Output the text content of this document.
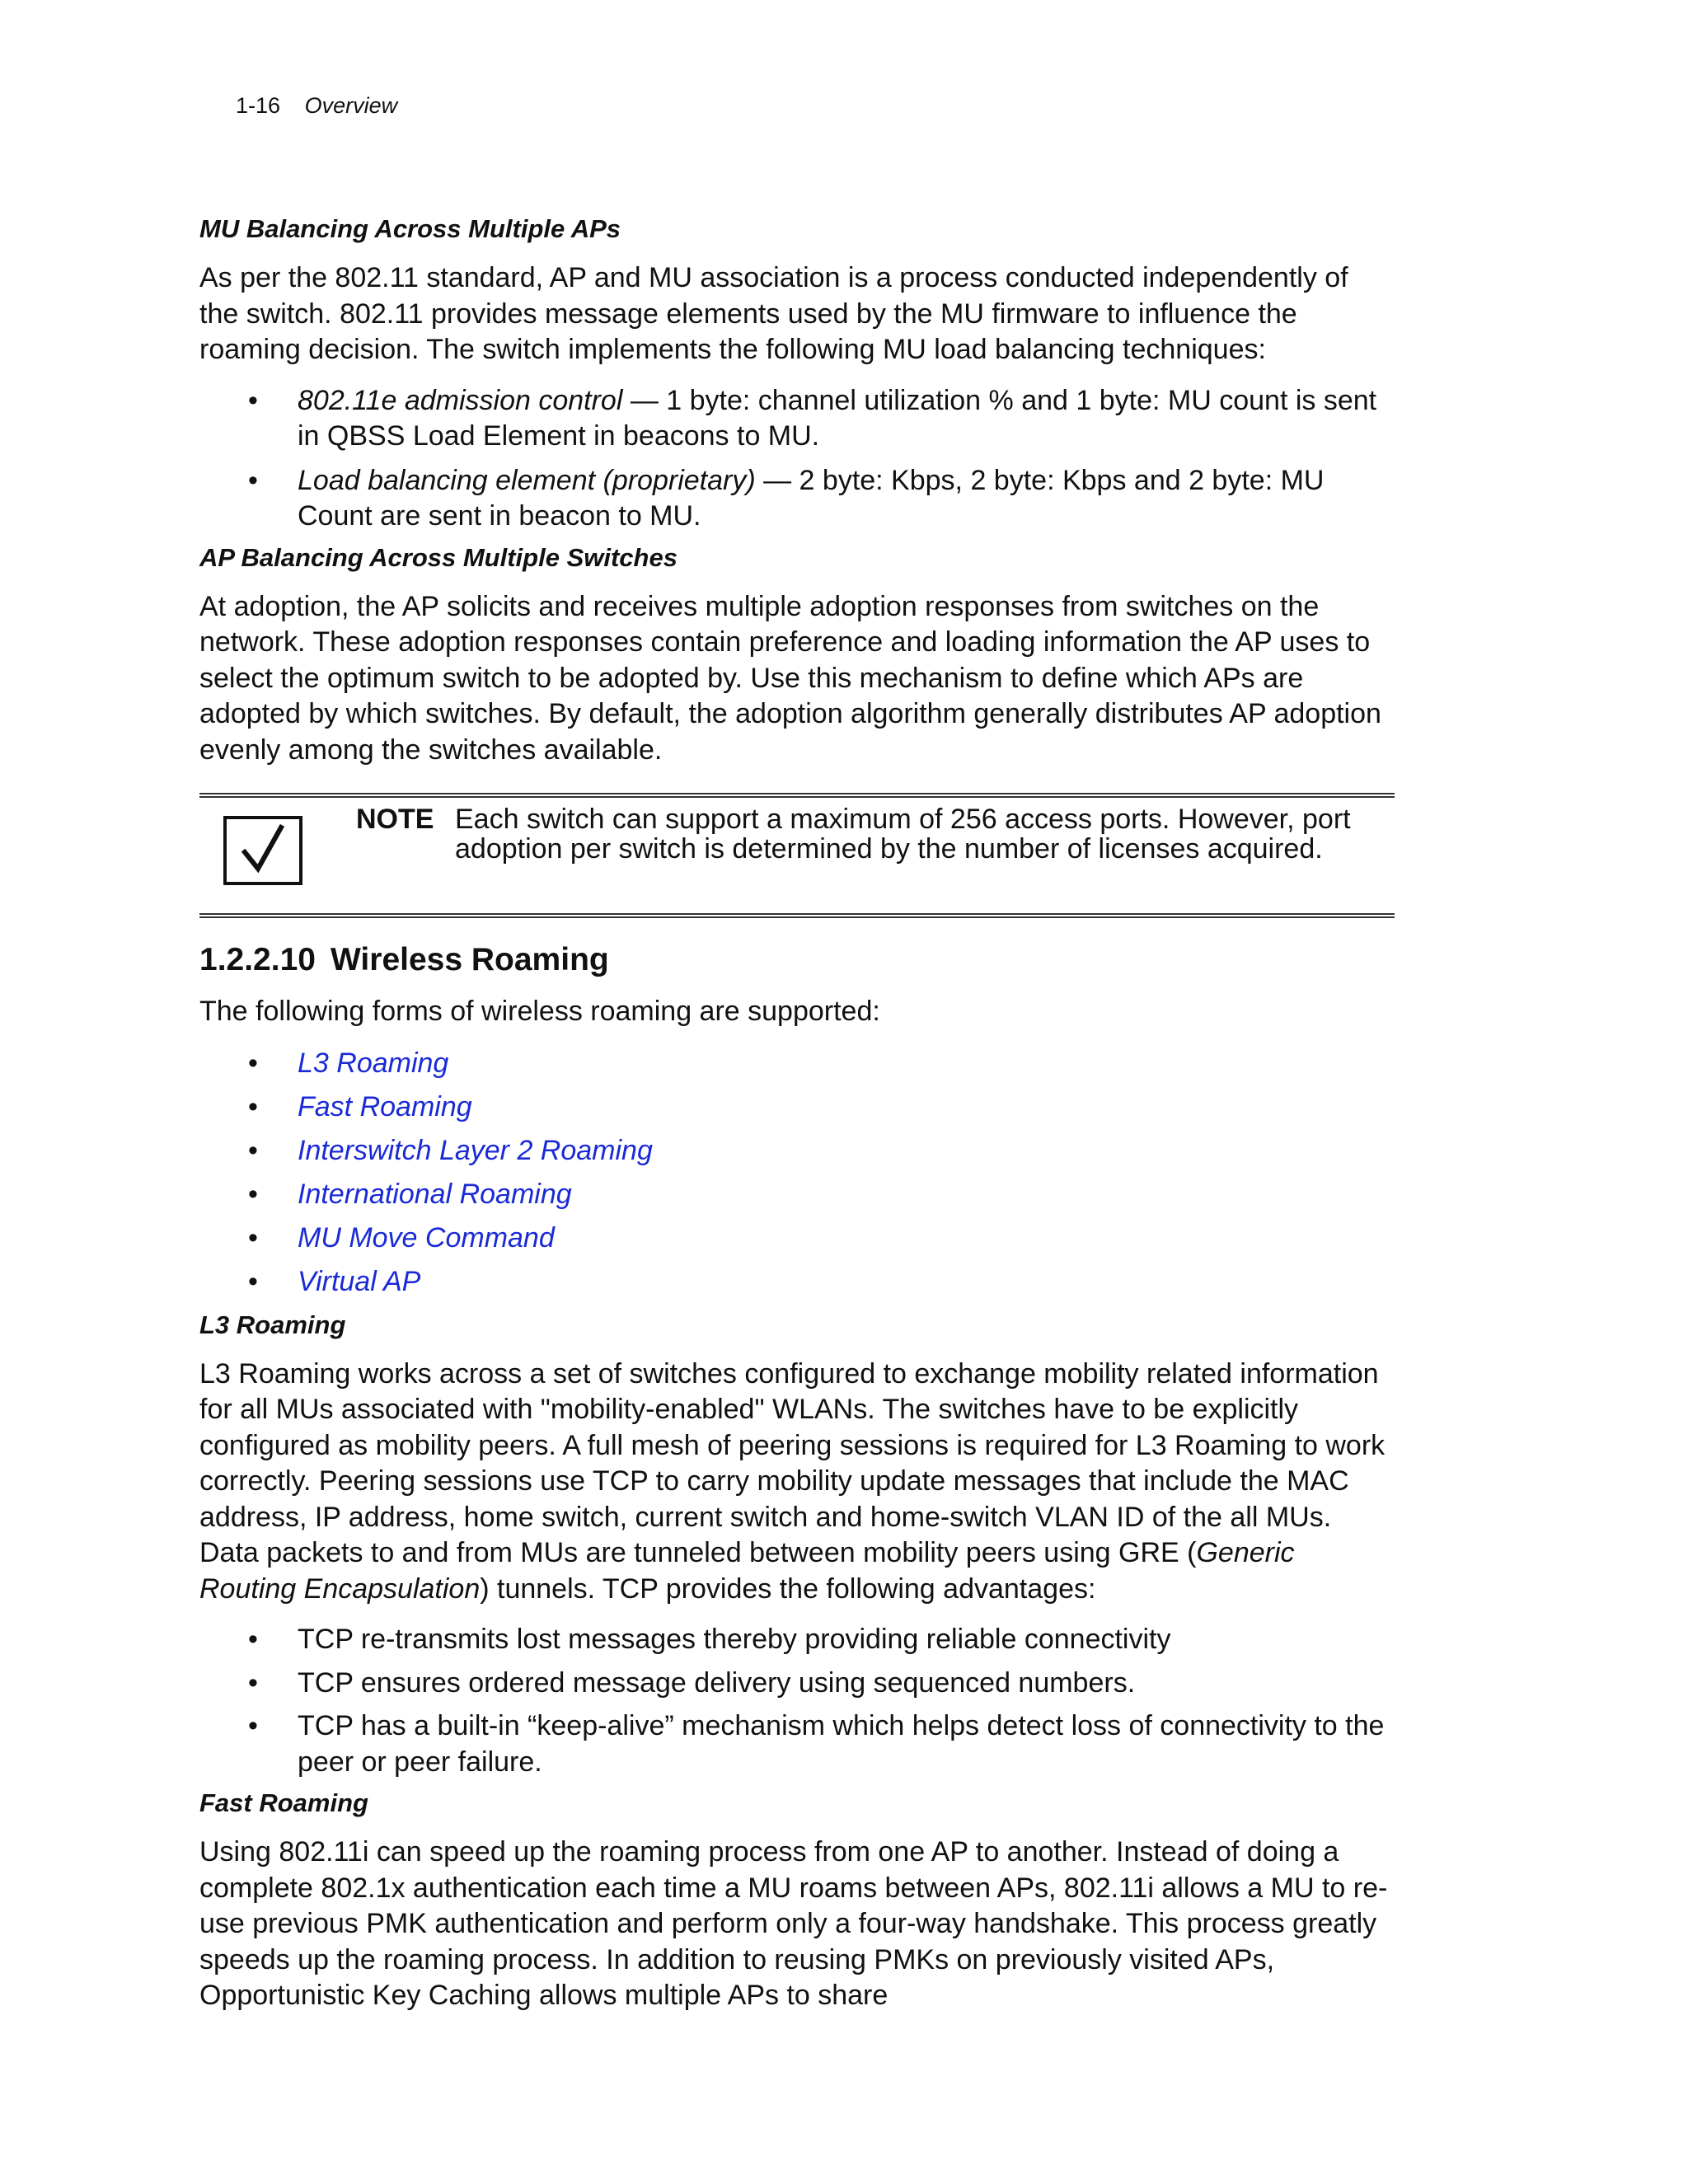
1-16 Overview

MU Balancing Across Multiple APs

As per the 802.11 standard, AP and MU association is a process conducted independently of the switch. 802.11 provides message elements used by the MU firmware to influence the roaming decision. The switch implements the following MU load balancing techniques:

• 802.11e admission control — 1 byte: channel utilization % and 1 byte: MU count is sent in QBSS Load Element in beacons to MU.
• Load balancing element (proprietary) — 2 byte: Kbps, 2 byte: Kbps and 2 byte: MU Count are sent in beacon to MU.

AP Balancing Across Multiple Switches

At adoption, the AP solicits and receives multiple adoption responses from switches on the network. These adoption responses contain preference and loading information the AP uses to select the optimum switch to be adopted by. Use this mechanism to define which APs are adopted by which switches. By default, the adoption algorithm generally distributes AP adoption evenly among the switches available.

NOTE Each switch can support a maximum of 256 access ports. However, port adoption per switch is determined by the number of licenses acquired.
1.2.2.10 Wireless Roaming

The following forms of wireless roaming are supported:

• L3 Roaming
• Fast Roaming
• Interswitch Layer 2 Roaming
• International Roaming
• MU Move Command
• Virtual AP

L3 Roaming

L3 Roaming works across a set of switches configured to exchange mobility related information for all MUs associated with "mobility-enabled" WLANs. The switches have to be explicitly configured as mobility peers. A full mesh of peering sessions is required for L3 Roaming to work correctly. Peering sessions use TCP to carry mobility update messages that include the MAC address, IP address, home switch, current switch and home-switch VLAN ID of the all MUs. Data packets to and from MUs are tunneled between mobility peers using GRE (Generic Routing Encapsulation) tunnels. TCP provides the following advantages:

• TCP re-transmits lost messages thereby providing reliable connectivity
• TCP ensures ordered message delivery using sequenced numbers.
• TCP has a built-in “keep-alive” mechanism which helps detect loss of connectivity to the peer or peer failure.

Fast Roaming

Using 802.11i can speed up the roaming process from one AP to another. Instead of doing a complete 802.1x authentication each time a MU roams between APs, 802.11i allows a MU to re-use previous PMK authentication and perform only a four-way handshake. This process greatly speeds up the roaming process. In addition to reusing PMKs on previously visited APs, Opportunistic Key Caching allows multiple APs to share
